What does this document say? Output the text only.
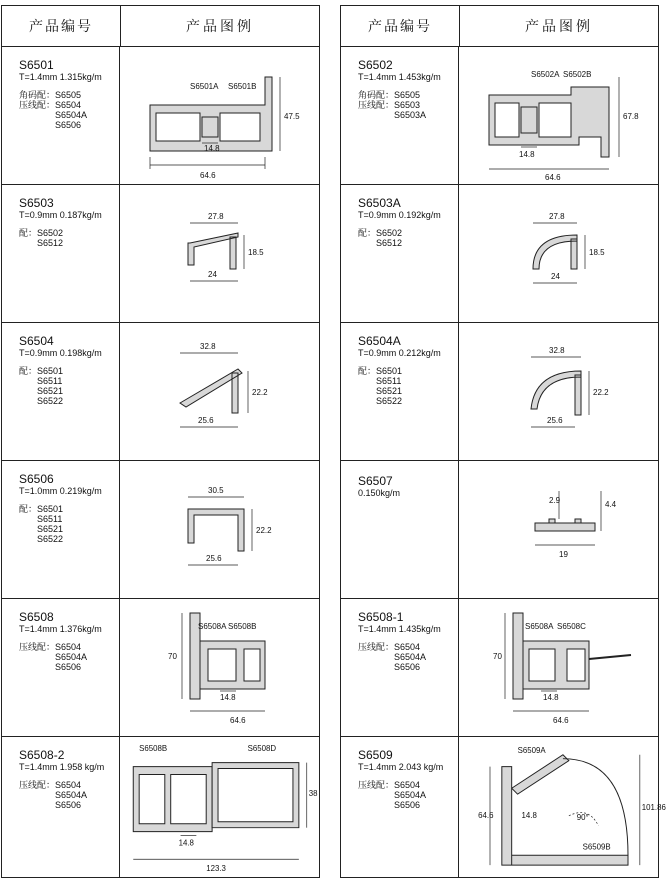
产品编号	产品图例
S6501
T=1.4mm 1.315kg/m
角码配： S6505
压线配： S6504
S6504A
S6506
64.6
47.5
14.8
S6501A S6501B
S6503
T=0.9mm 0.187kg/m
配： S6502
S6512
27.8
18.5
24
S6504
T=0.9mm 0.198kg/m
配： S6501
S6511
S6521
S6522
32.8
22.2
25.6
S6506
T=1.0mm 0.219kg/m
配： S6501
S6511
S6521
S6522
30.5
22.2
25.6
S6508
T=1.4mm 1.376kg/m
压线配： S6504
S6504A
S6506
70
64.6
14.8
S6508A S6508B
S6508-2
T=1.4mm 1.958 kg/m
压线配： S6504
S6504A
S6506
123.3
38
14.8
S6508B	S6508D
产品编号	产品图例
S6502
T=1.4mm 1.453kg/m
角码配： S6505
压线配： S6503
S6503A
64.6
67.8
14.8
S6502A S6502B
S6503A
T=0.9mm 0.192kg/m
配： S6502
S6512
27.8
18.5
24
S6504A
T=0.9mm 0.212kg/m
配： S6501
S6511
S6521
S6522
32.8
22.2
25.6
S6507
0.150kg/m
2.9	4.4
19
S6508-1
T=1.4mm 1.435kg/m
压线配： S6504
S6504A
S6506
70
64.6
14.8
S6508A S6508C
S6509
T=1.4mm 2.043 kg/m
压线配： S6504
S6504A
S6506
64.6
101.86
14.8	90°
S6509A
S6509B
